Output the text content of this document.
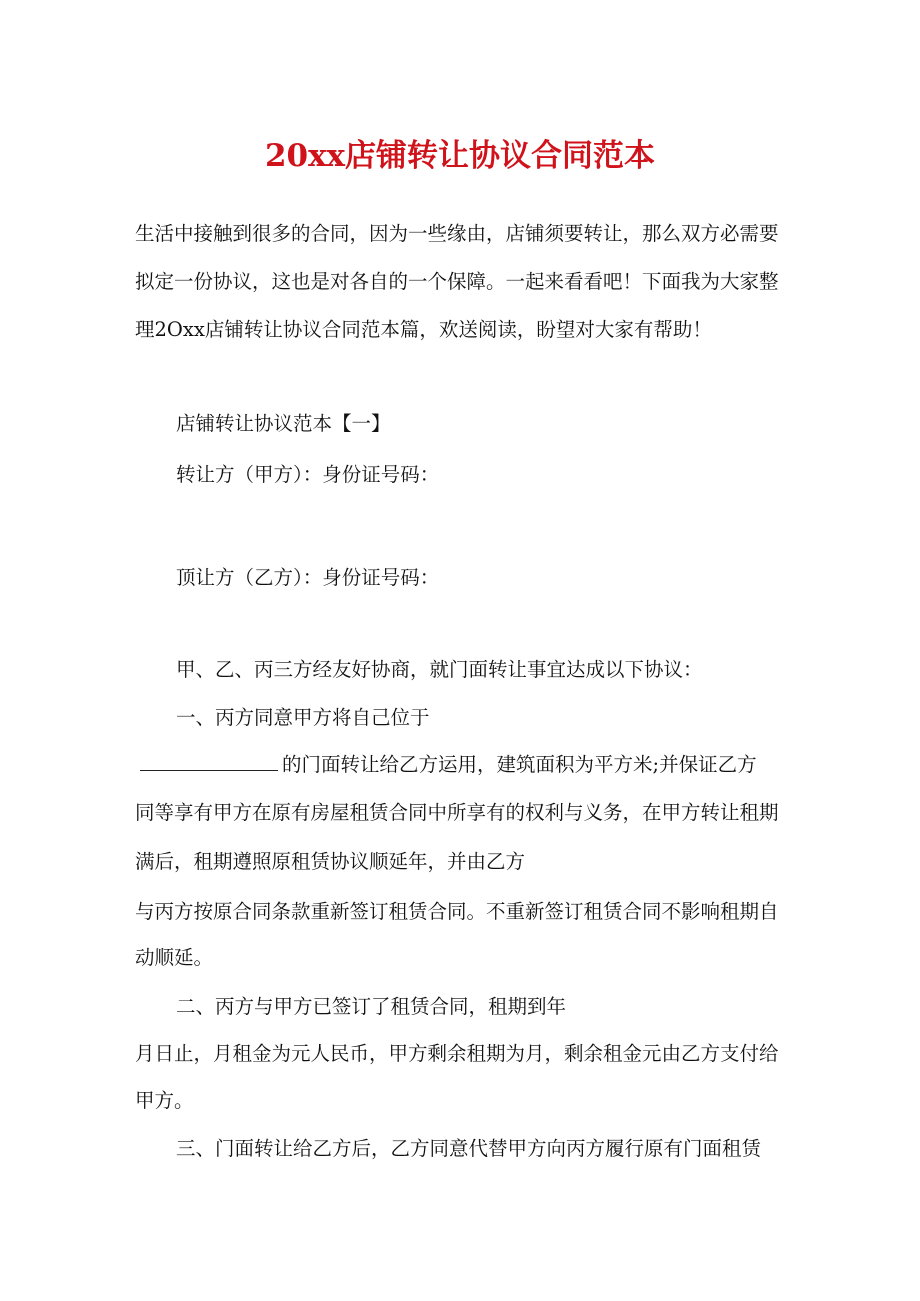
20xx店铺转让协议合同范本
生活中接触到很多的合同，因为一些缘由，店铺须要转让，那么双方必需要
拟定一份协议，这也是对各自的一个保障。一起来看看吧！下面我为大家整
理2Oxx店铺转让协议合同范本篇，欢送阅读，盼望对大家有帮助！
店铺转让协议范本【一】
转让方（甲方）：身份证号码：
顶让方（乙方）：身份证号码：
甲、乙、丙三方经友好协商，就门面转让事宜达成以下协议：
一、丙方同意甲方将自己位于
的门面转让给乙方运用，建筑面积为平方米;并保证乙方
同等享有甲方在原有房屋租赁合同中所享有的权利与义务，在甲方转让租期
满后，租期遵照原租赁协议顺延年，并由乙方
与丙方按原合同条款重新签订租赁合同。不重新签订租赁合同不影响租期自
动顺延。
二、丙方与甲方已签订了租赁合同，租期到年
月日止，月租金为元人民币，甲方剩余租期为月，剩余租金元由乙方支付给
甲方。
三、门面转让给乙方后，乙方同意代替甲方向丙方履行原有门面租赁
